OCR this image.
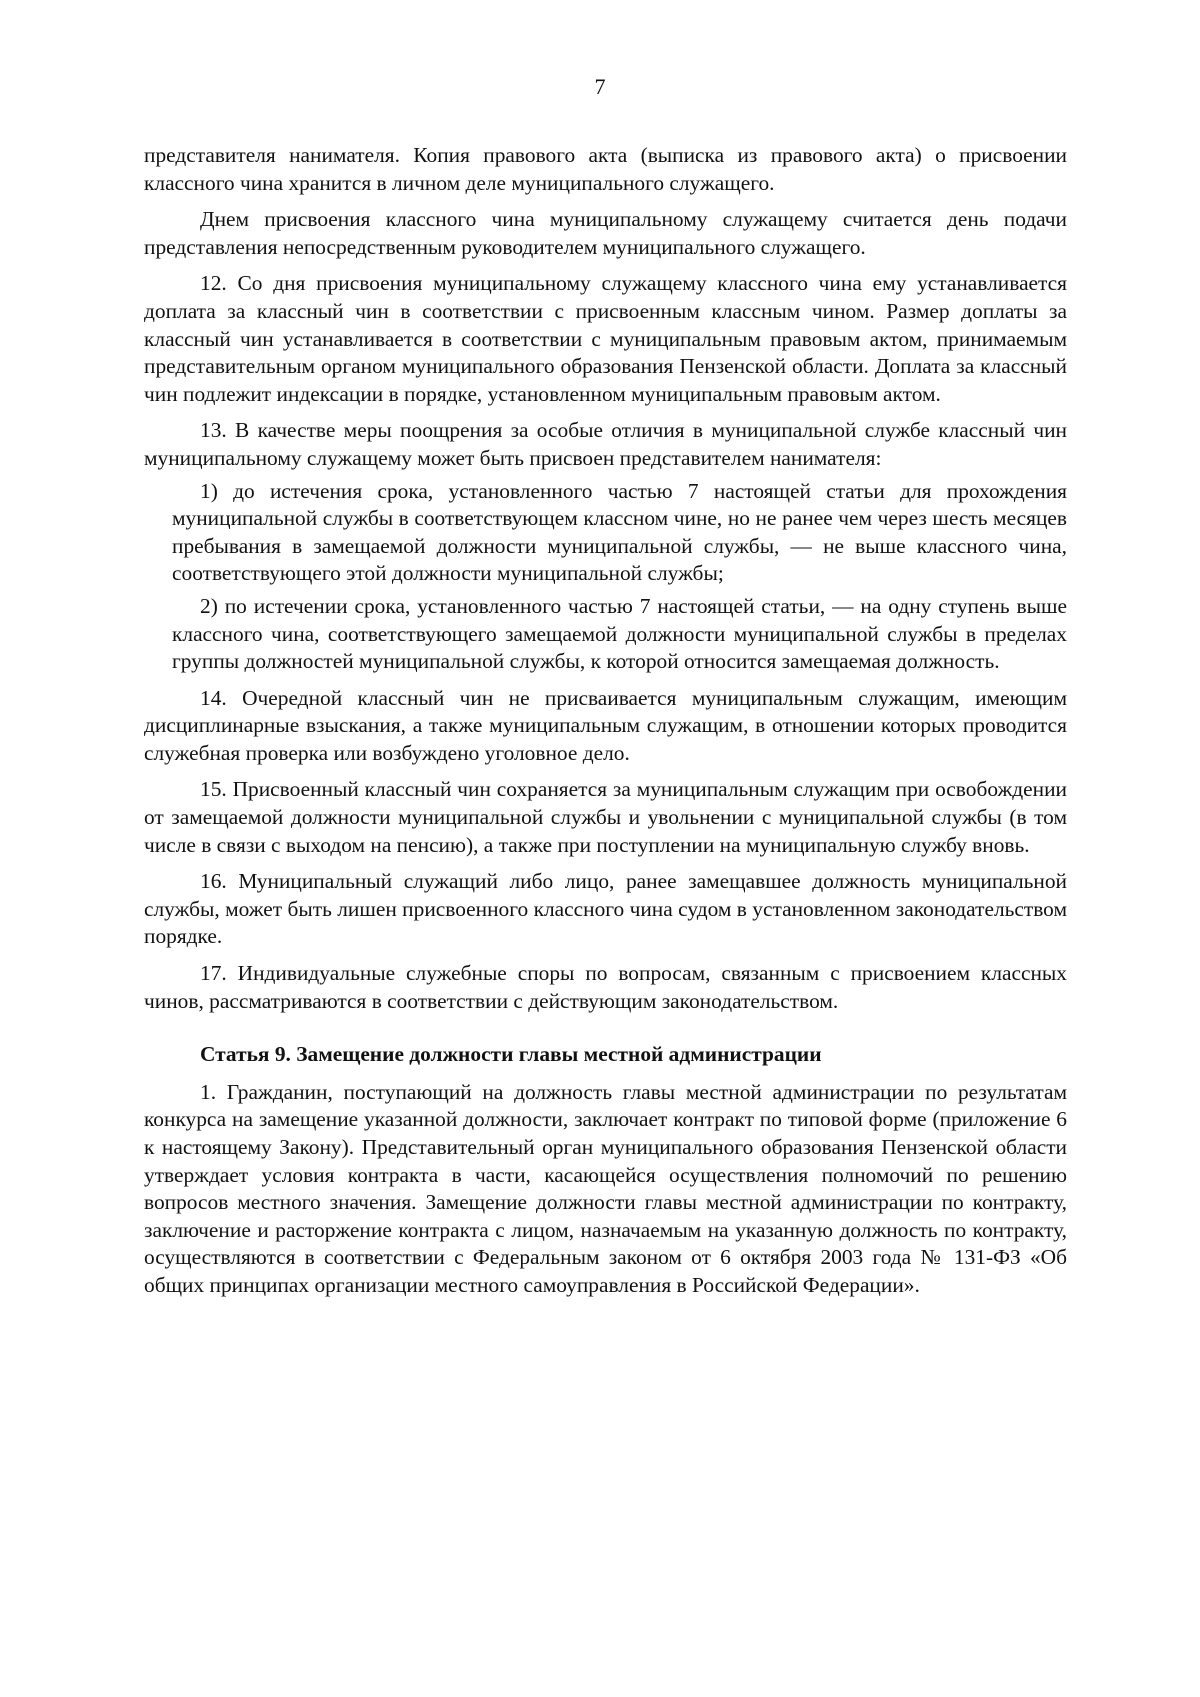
7

представителя нанимателя. Копия правового акта (выписка из правового акта) о присвоении классного чина хранится в личном деле муниципального служащего.

Днем присвоения классного чина муниципальному служащему считается день подачи представления непосредственным руководителем муниципального служащего.

12. Со дня присвоения муниципальному служащему классного чина ему устанавливается доплата за классный чин в соответствии с присвоенным классным чином. Размер доплаты за классный чин устанавливается в соответствии с муниципальным правовым актом, принимаемым представительным органом муниципального образования Пензенской области. Доплата за классный чин подлежит индексации в порядке, установленном муниципальным правовым актом.

13. В качестве меры поощрения за особые отличия в муниципальной службе классный чин муниципальному служащему может быть присвоен представителем нанимателя:

1) до истечения срока, установленного частью 7 настоящей статьи для прохождения муниципальной службы в соответствующем классном чине, но не ранее чем через шесть месяцев пребывания в замещаемой должности муниципальной службы, — не выше классного чина, соответствующего этой должности муниципальной службы;

2) по истечении срока, установленного частью 7 настоящей статьи, — на одну ступень выше классного чина, соответствующего замещаемой должности муниципальной службы в пределах группы должностей муниципальной службы, к которой относится замещаемая должность.

14. Очередной классный чин не присваивается муниципальным служащим, имеющим дисциплинарные взыскания, а также муниципальным служащим, в отношении которых проводится служебная проверка или возбуждено уголовное дело.

15. Присвоенный классный чин сохраняется за муниципальным служащим при освобождении от замещаемой должности муниципальной службы и увольнении с муниципальной службы (в том числе в связи с выходом на пенсию), а также при поступлении на муниципальную службу вновь.

16. Муниципальный служащий либо лицо, ранее замещавшее должность муниципальной службы, может быть лишен присвоенного классного чина судом в установленном законодательством порядке.

17. Индивидуальные служебные споры по вопросам, связанным с присвоением классных чинов, рассматриваются в соответствии с действующим законодательством.

Статья 9. Замещение должности главы местной администрации

1. Гражданин, поступающий на должность главы местной администрации по результатам конкурса на замещение указанной должности, заключает контракт по типовой форме (приложение 6 к настоящему Закону). Представительный орган муниципального образования Пензенской области утверждает условия контракта в части, касающейся осуществления полномочий по решению вопросов местного значения. Замещение должности главы местной администрации по контракту, заключение и расторжение контракта с лицом, назначаемым на указанную должность по контракту, осуществляются в соответствии с Федеральным законом от 6 октября 2003 года № 131-ФЗ «Об общих принципах организации местного самоуправления в Российской Федерации».
